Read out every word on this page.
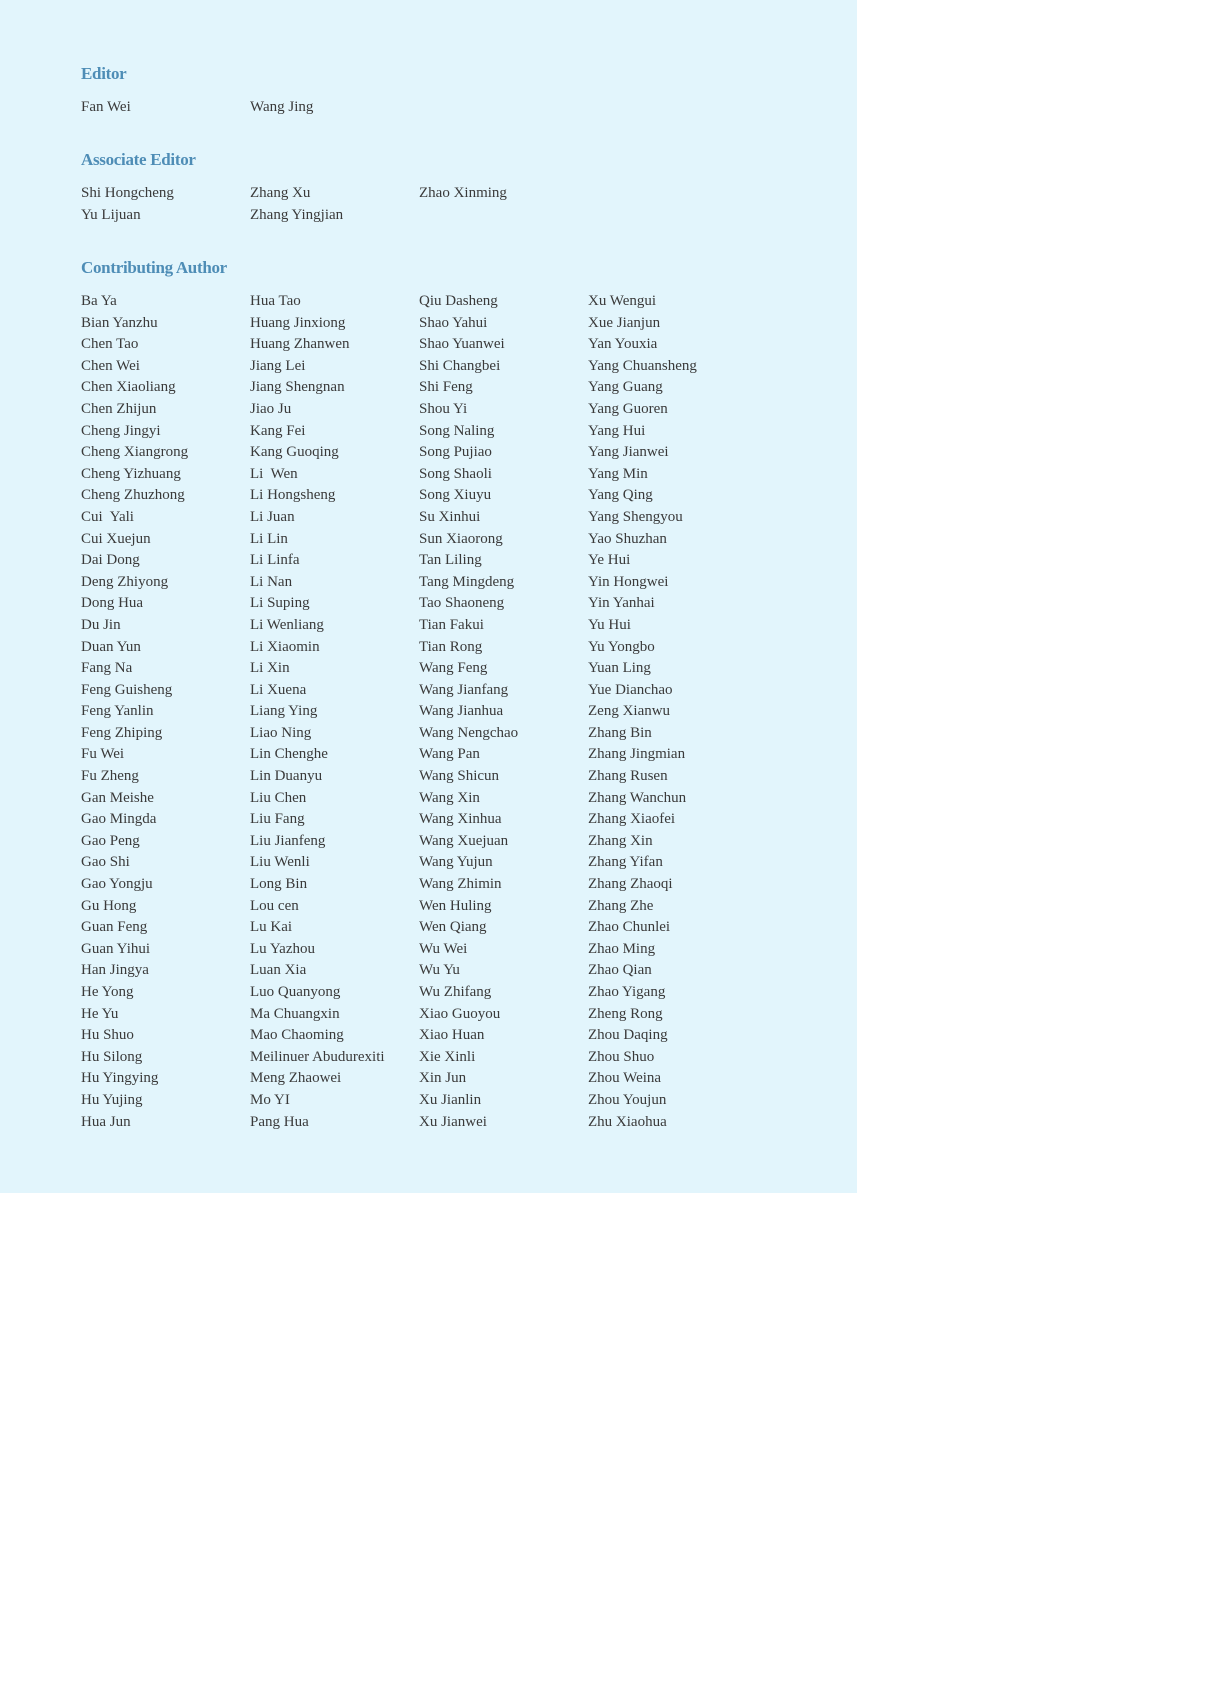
Editor
Fan Wei	Wang Jing
Associate Editor
Shi Hongcheng	Zhang Xu	Zhao Xinming
Yu Lijuan	Zhang Yingjian
Contributing Author
Ba Ya	Hua Tao	Qiu Dasheng	Xu Wengui
Bian Yanzhu	Huang Jinxiong	Shao Yahui	Xue Jianjun
Chen Tao	Huang Zhanwen	Shao Yuanwei	Yan Youxia
Chen Wei	Jiang Lei	Shi Changbei	Yang Chuansheng
Chen Xiaoliang	Jiang Shengnan	Shi Feng	Yang Guang
Chen Zhijun	Jiao Ju	Shou Yi	Yang Guoren
Cheng Jingyi	Kang Fei	Song Naling	Yang Hui
Cheng Xiangrong	Kang Guoqing	Song Pujiao	Yang Jianwei
Cheng Yizhuang	Li  Wen	Song Shaoli	Yang Min
Cheng Zhuzhong	Li Hongsheng	Song Xiuyu	Yang Qing
Cui  Yali	Li Juan	Su Xinhui	Yang Shengyou
Cui Xuejun	Li Lin	Sun Xiaorong	Yao Shuzhan
Dai Dong	Li Linfa	Tan Liling	Ye Hui
Deng Zhiyong	Li Nan	Tang Mingdeng	Yin Hongwei
Dong Hua	Li Suping	Tao Shaoneng	Yin Yanhai
Du Jin	Li Wenliang	Tian Fakui	Yu Hui
Duan Yun	Li Xiaomin	Tian Rong	Yu Yongbo
Fang Na	Li Xin	Wang Feng	Yuan Ling
Feng Guisheng	Li Xuena	Wang Jianfang	Yue Dianchao
Feng Yanlin	Liang Ying	Wang Jianhua	Zeng Xianwu
Feng Zhiping	Liao Ning	Wang Nengchao	Zhang Bin
Fu Wei	Lin Chenghe	Wang Pan	Zhang Jingmian
Fu Zheng	Lin Duanyu	Wang Shicun	Zhang Rusen
Gan Meishe	Liu Chen	Wang Xin	Zhang Wanchun
Gao Mingda	Liu Fang	Wang Xinhua	Zhang Xiaofei
Gao Peng	Liu Jianfeng	Wang Xuejuan	Zhang Xin
Gao Shi	Liu Wenli	Wang Yujun	Zhang Yifan
Gao Yongju	Long Bin	Wang Zhimin	Zhang Zhaoqi
Gu Hong	Lou cen	Wen Huling	Zhang Zhe
Guan Feng	Lu Kai	Wen Qiang	Zhao Chunlei
Guan Yihui	Lu Yazhou	Wu Wei	Zhao Ming
Han Jingya	Luan Xia	Wu Yu	Zhao Qian
He Yong	Luo Quanyong	Wu Zhifang	Zhao Yigang
He Yu	Ma Chuangxin	Xiao Guoyou	Zheng Rong
Hu Shuo	Mao Chaoming	Xiao Huan	Zhou Daqing
Hu Silong	Meilinuer Abudurexiti	Xie Xinli	Zhou Shuo
Hu Yingying	Meng Zhaowei	Xin Jun	Zhou Weina
Hu Yujing	Mo YI	Xu Jianlin	Zhou Youjun
Hua Jun	Pang Hua	Xu Jianwei	Zhu Xiaohua
